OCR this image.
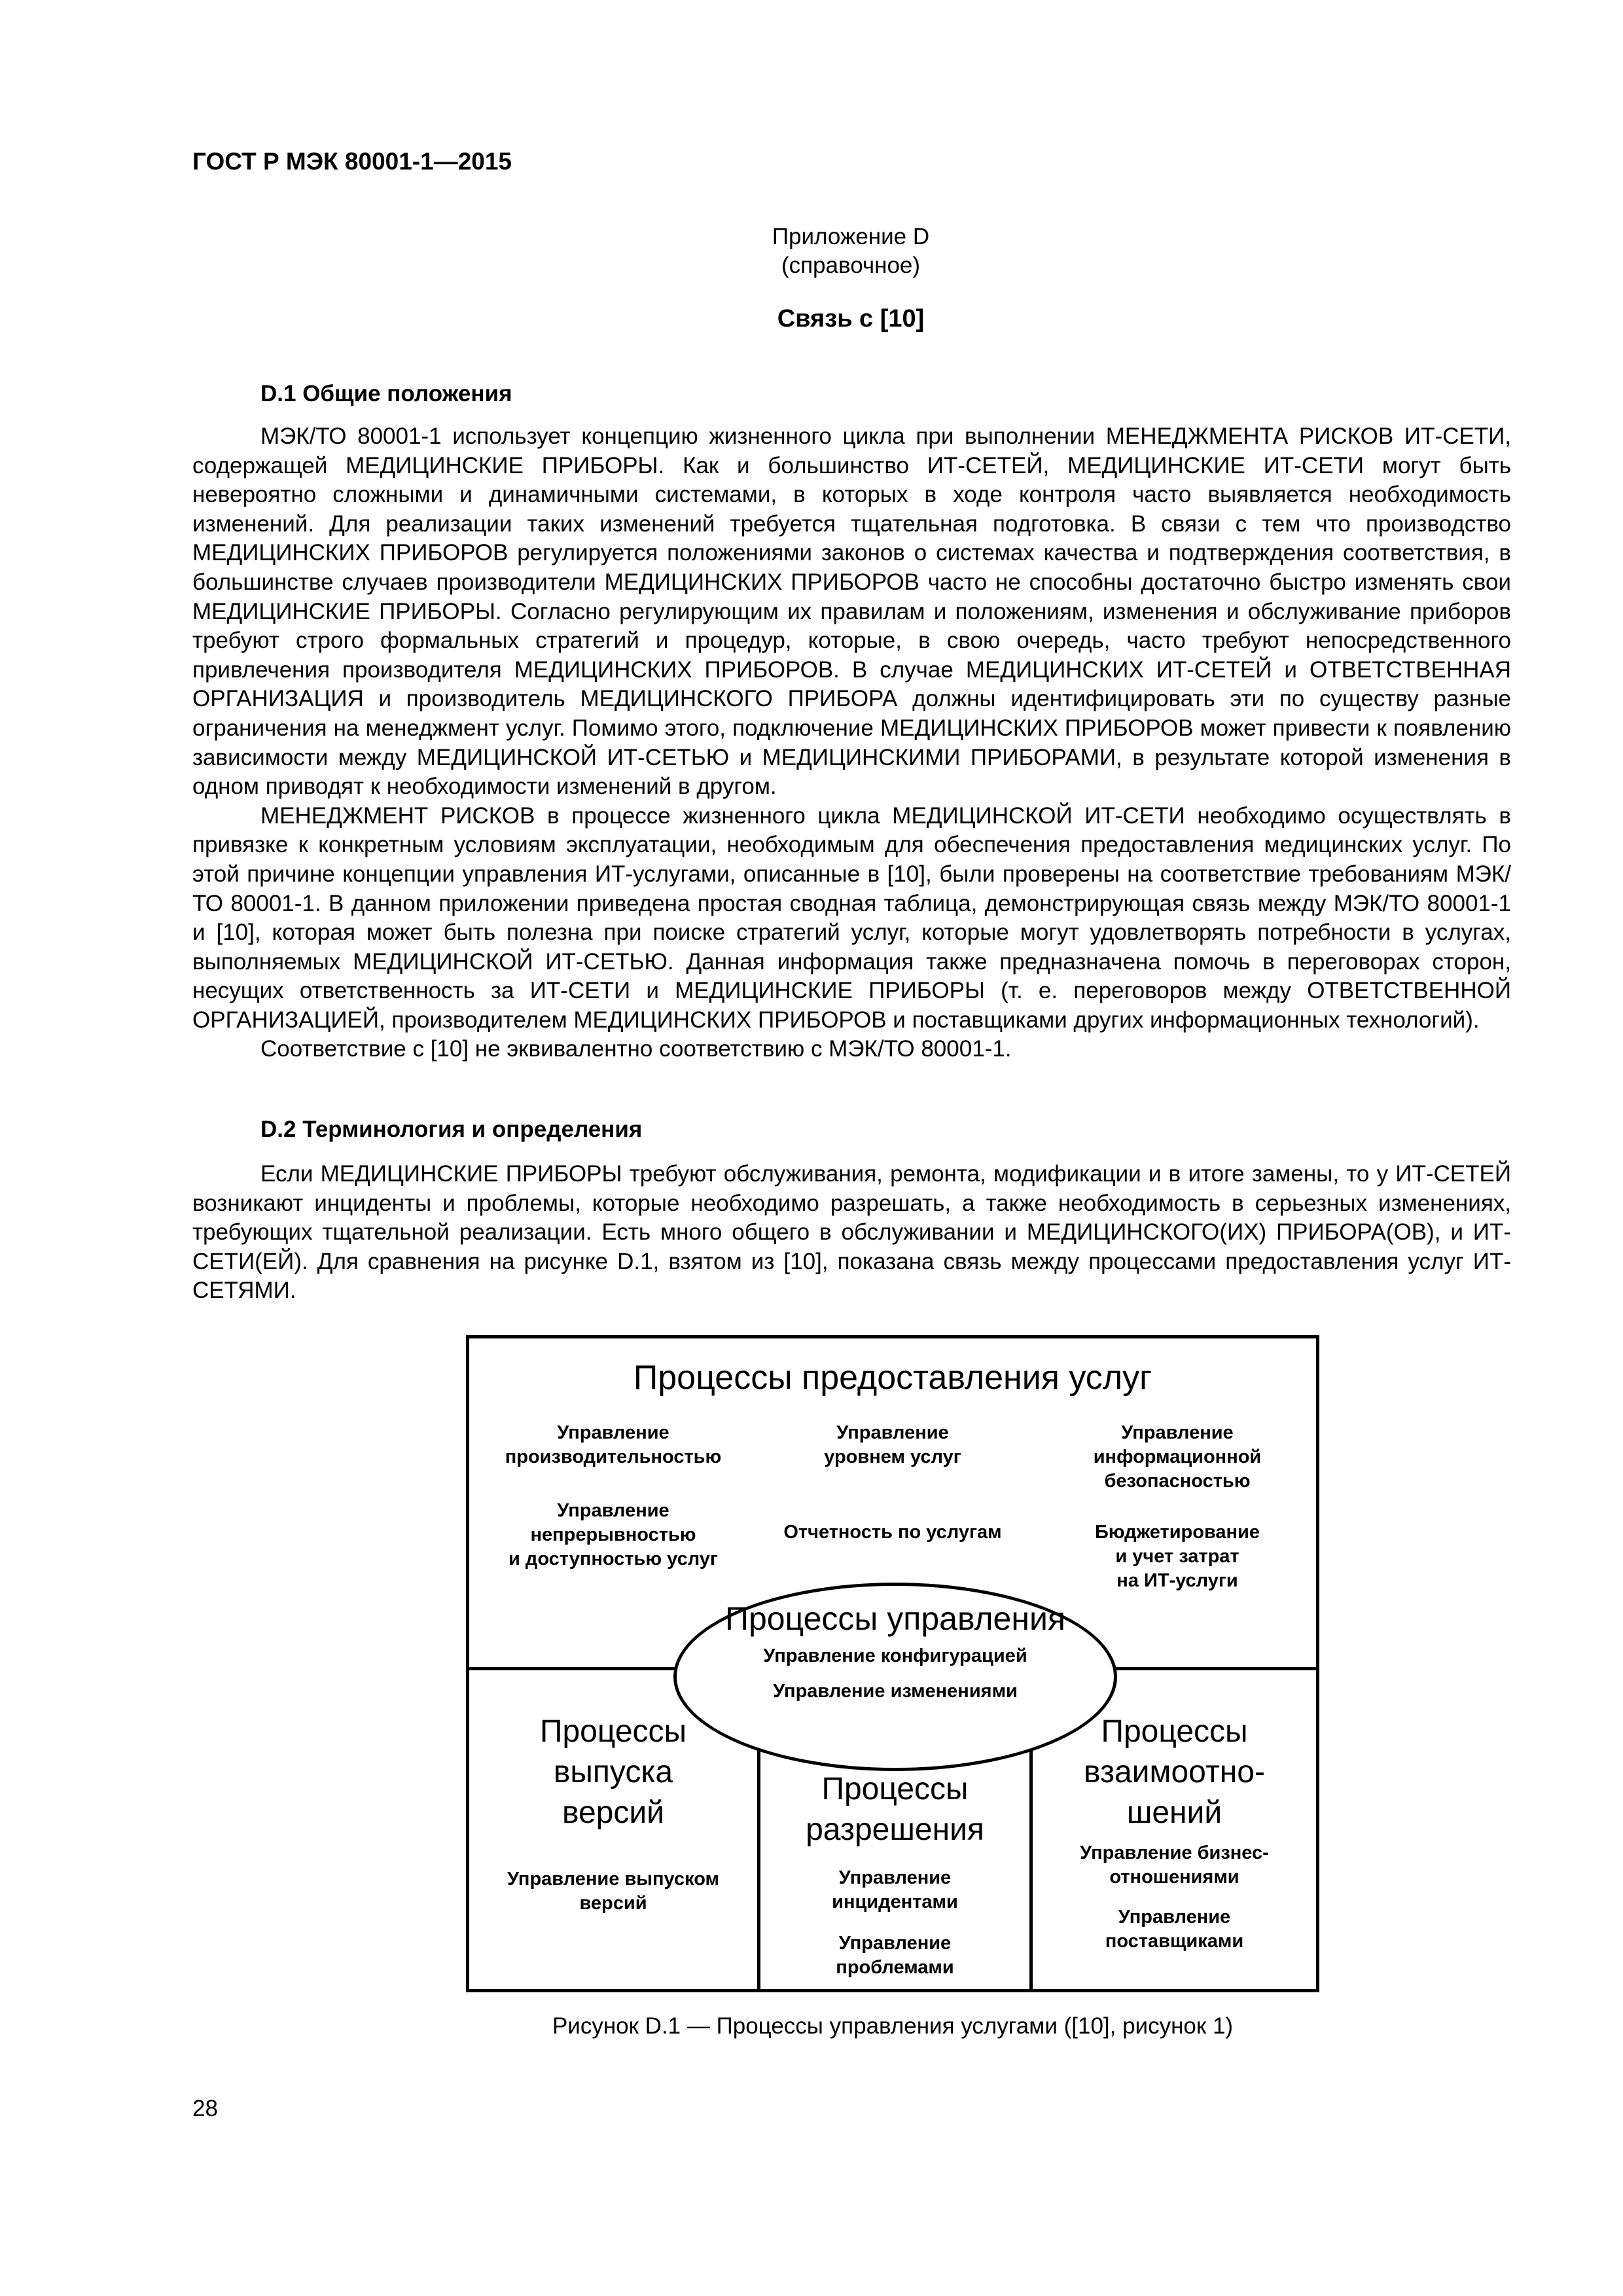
ГОСТ Р МЭК 80001-1—2015
Приложение D
(справочное)
Связь с [10]
D.1 Общие положения

МЭК/ТО 80001-1 использует концепцию жизненного цикла при выполнении МЕНЕДЖМЕНТА РИСКОВ ИТ-СЕТИ, содержащей МЕДИЦИНСКИЕ ПРИБОРЫ. Как и большинство ИТ-СЕТЕЙ, МЕДИЦИНСКИЕ ИТ-СЕТИ могут быть невероятно сложными и динамичными системами, в которых в ходе контроля часто выявляется необходимость изменений. Для реализации таких изменений требуется тщательная подготовка. В связи с тем что производство МЕДИЦИНСКИХ ПРИБОРОВ регулируется положениями законов о системах качества и подтверждения соответствия, в большинстве случаев производители МЕДИЦИНСКИХ ПРИБОРОВ часто не способны достаточно быстро изменять свои МЕДИЦИНСКИЕ ПРИБОРЫ. Согласно регулирующим их правилам и положениям, изменения и обслуживание приборов требуют строго формальных стратегий и процедур, которые, в свою очередь, часто требуют непосредственного привлечения производителя МЕДИЦИНСКИХ ПРИБОРОВ. В случае МЕДИЦИНСКИХ ИТ-СЕТЕЙ и ОТВЕТСТВЕННАЯ ОРГАНИЗАЦИЯ и производитель МЕДИЦИНСКОГО ПРИБОРА должны идентифицировать эти по существу разные ограничения на менеджмент услуг. Помимо этого, подключение МЕДИЦИНСКИХ ПРИБОРОВ может привести к появлению зависимости между МЕДИЦИНСКОЙ ИТ-СЕТЬЮ и МЕДИЦИНСКИМИ ПРИБОРАМИ, в результате которой изменения в одном приводят к необходимости изменений в другом.

МЕНЕДЖМЕНТ РИСКОВ в процессе жизненного цикла МЕДИЦИНСКОЙ ИТ-СЕТИ необходимо осуществлять в привязке к конкретным условиям эксплуатации, необходимым для обеспечения предоставления медицинских услуг. По этой причине концепции управления ИТ-услугами, описанные в [10], были проверены на соответствие требованиям МЭК/ТО 80001-1. В данном приложении приведена простая сводная таблица, демонстрирующая связь между МЭК/ТО 80001-1 и [10], которая может быть полезна при поиске стратегий услуг, которые могут удовлетворять потребности в услугах, выполняемых МЕДИЦИНСКОЙ ИТ-СЕТЬЮ. Данная информация также предназначена помочь в переговорах сторон, несущих ответственность за ИТ-СЕТИ и МЕДИЦИНСКИЕ ПРИБОРЫ (т. е. переговоров между ОТВЕТСТВЕННОЙ ОРГАНИЗАЦИЕЙ, производителем МЕДИЦИНСКИХ ПРИБОРОВ и поставщиками других информационных технологий).

Соответствие с [10] не эквивалентно соответствию с МЭК/ТО 80001-1.

D.2 Терминология и определения

Если МЕДИЦИНСКИЕ ПРИБОРЫ требуют обслуживания, ремонта, модификации и в итоге замены, то у ИТ-СЕТЕЙ возникают инциденты и проблемы, которые необходимо разрешать, а также необходимость в серьезных изменениях, требующих тщательной реализации. Есть много общего в обслуживании и МЕДИЦИНСКОГО(ИХ) ПРИБОРА(ОВ), и ИТ-СЕТИ(ЕЙ). Для сравнения на рисунке D.1, взятом из [10], показана связь между процессами предоставления услуг ИТ-СЕТЯМИ.

Процессы предоставления услуг
Управление
производительностью
Управление
непрерывностью
и доступностью услуг
Управление
уровнем услуг
Отчетность по услугам
Управление
информационной
безопасностью
Бюджетирование
и учет затрат
на ИТ-услуги
Процессы
выпуска
версий
Управление выпуском
версий
Процессы
разрешения
Управление
инцидентами
Управление
проблемами
Процессы
взаимоотно-
шений
Управление бизнес-
отношениями
Управление
поставщиками
Процессы управления
Управление конфигурацией
Управление изменениями
Рисунок D.1 — Процессы управления услугами ([10], рисунок 1)
28
